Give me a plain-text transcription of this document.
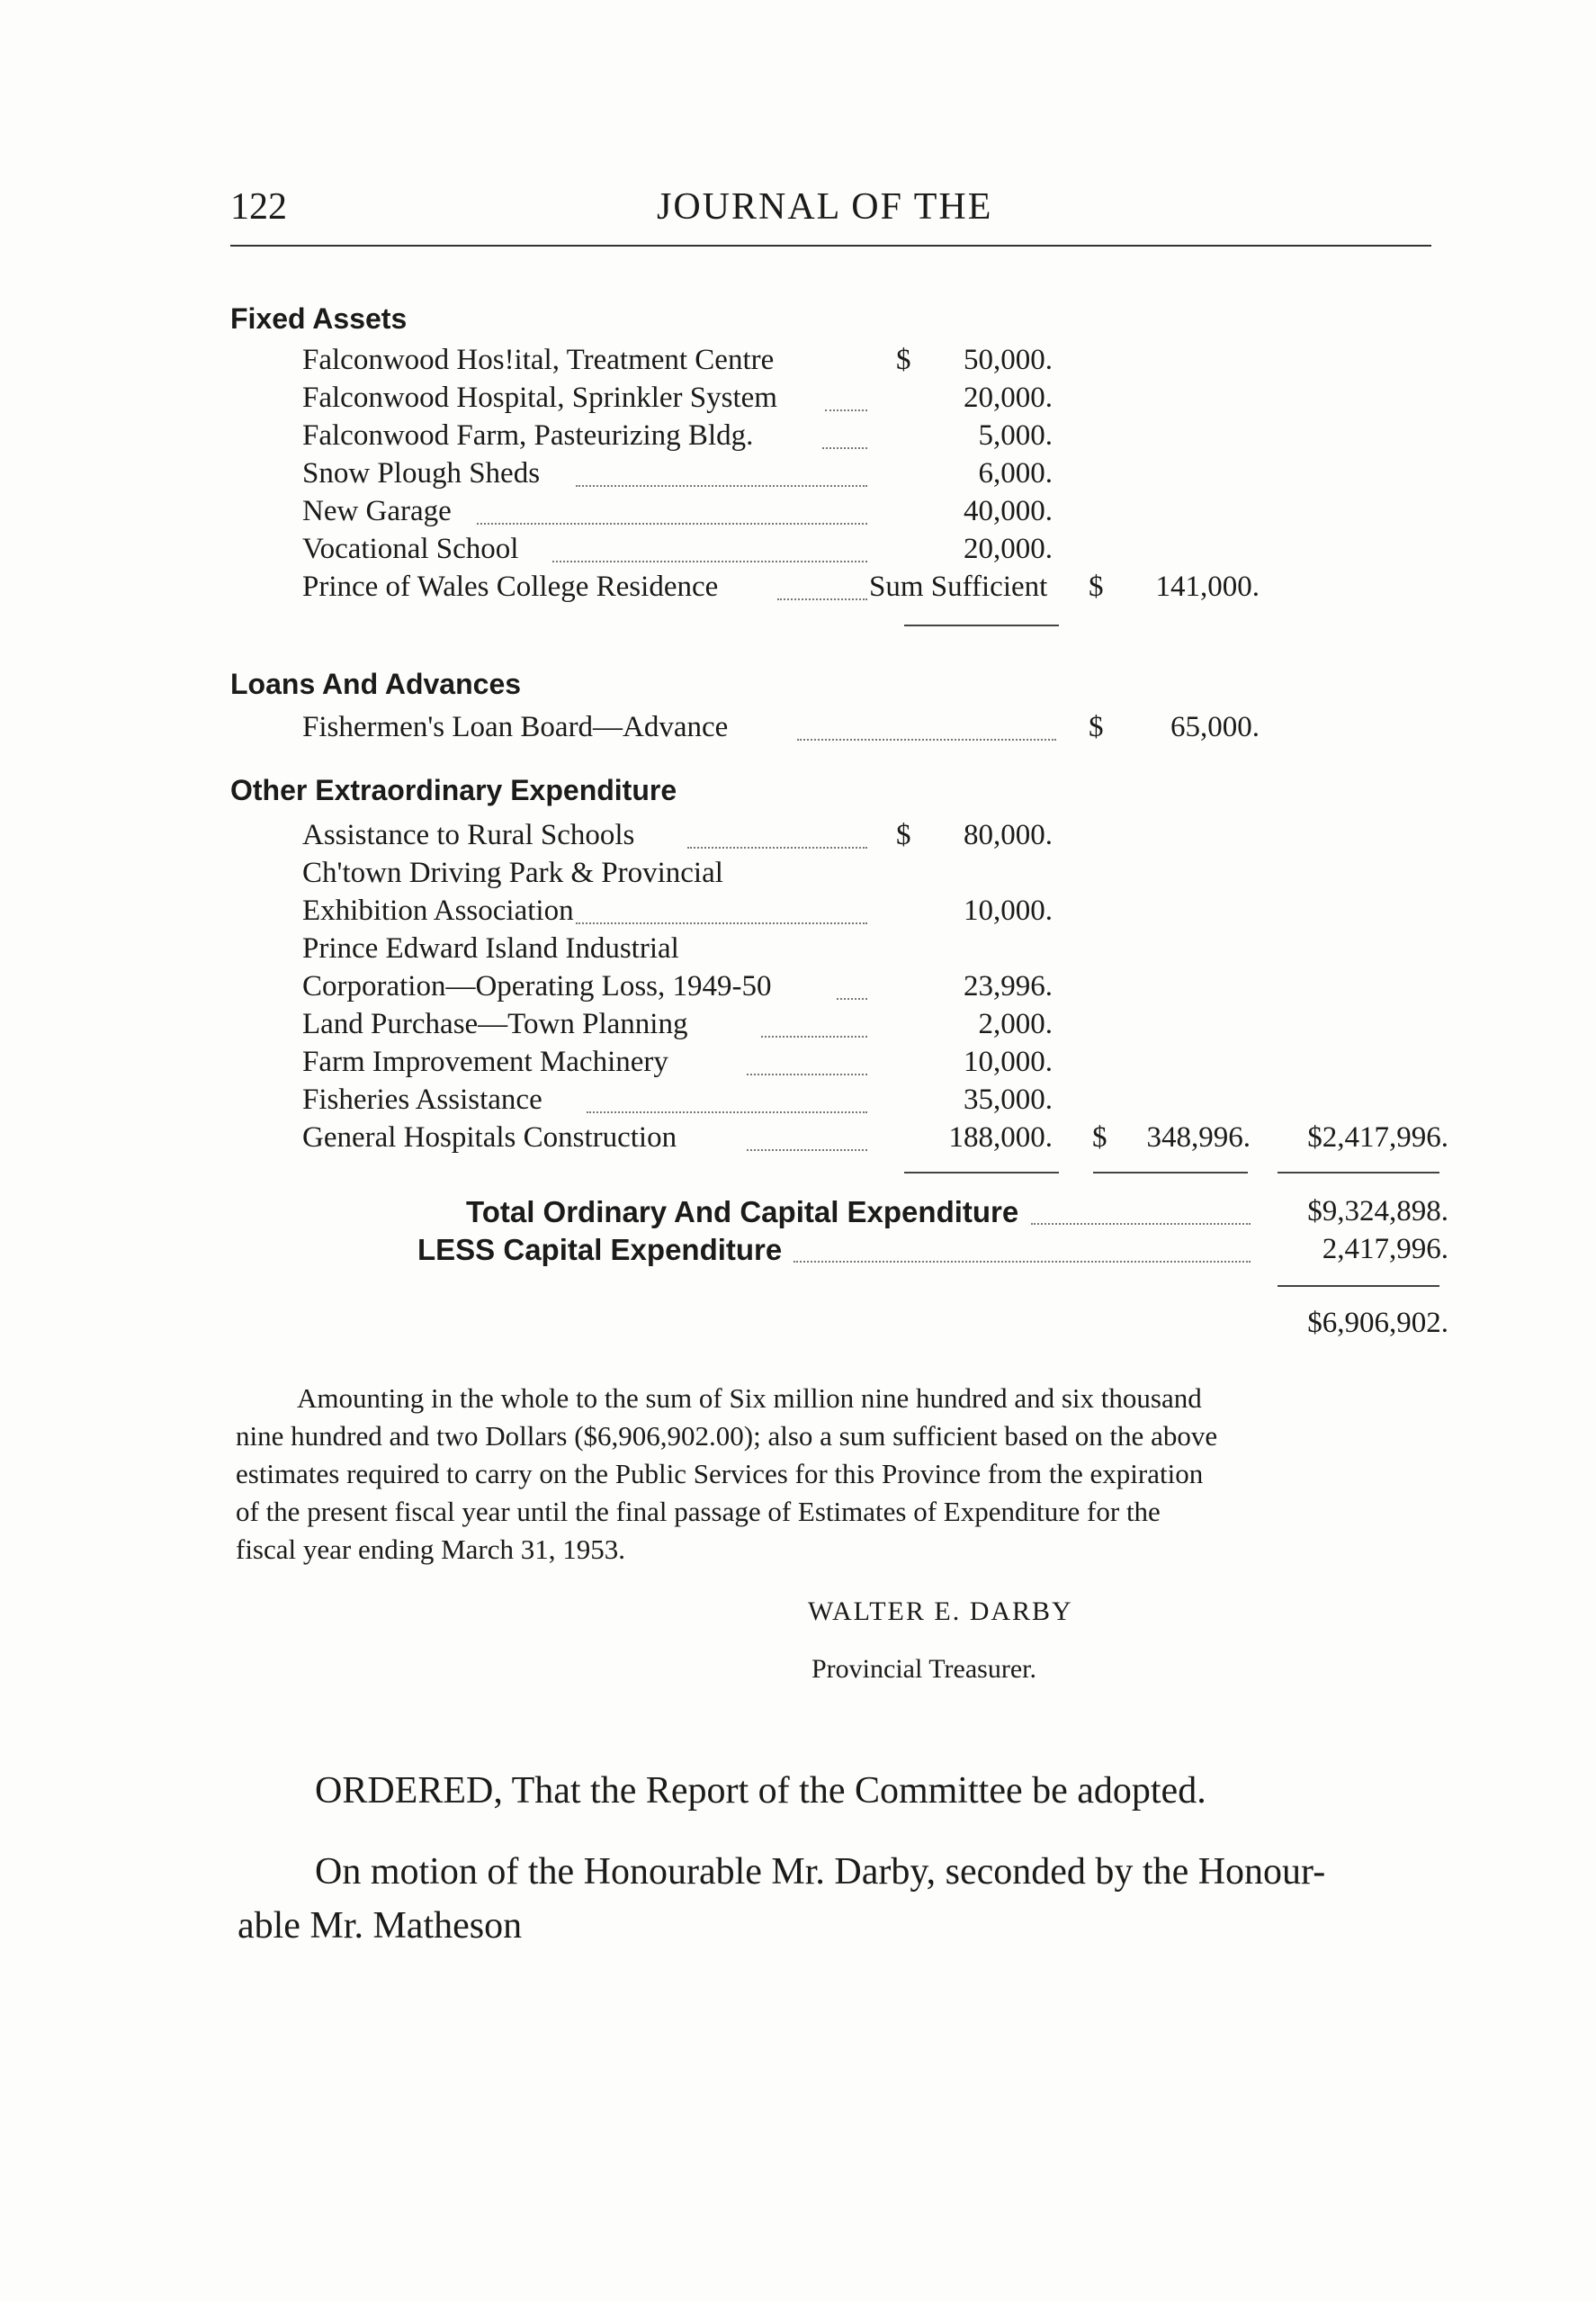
122	JOURNAL OF THE
Fixed Assets
Falconwood Hos!ital, Treatment Centre	$	50,000.
Falconwood Hospital, Sprinkler System	20,000.
Falconwood Farm, Pasteurizing Bldg.	5,000.
Snow Plough Sheds	6,000.
New Garage	40,000.
Vocational School	20,000.
Prince of Wales College Residence	Sum Sufficient $	141,000.
Loans And Advances
Fishermen's Loan Board—Advance	$	65,000.
Other Extraordinary Expenditure
Assistance to Rural Schools	$	80,000.
Ch'town Driving Park & Provincial
Exhibition Association	10,000.
Prince Edward Island Industrial
Corporation—Operating Loss, 1949-50	23,996.
Land Purchase—Town Planning	2,000.
Farm Improvement Machinery	10,000.
Fisheries Assistance	35,000.
General Hospitals Construction	188,000. $	348,996.	$2,417,996.
Total Ordinary And Capital Expenditure	$9,324,898.
LESS Capital Expenditure	2,417,996.
$6,906,902.
Amounting in the whole to the sum of Six million nine hundred and six thousand
nine hundred and two Dollars ($6,906,902.00); also a sum sufficient based on the above
estimates required to carry on the Public Services for this Province from the expiration
of the present fiscal year until the final passage of Estimates of Expenditure for the
fiscal year ending March 31, 1953.
WALTER E. DARBY
Provincial Treasurer.
ORDERED, That the Report of the Committee be adopted.
On motion of the Honourable Mr. Darby, seconded by the Honour-
able Mr. Matheson
